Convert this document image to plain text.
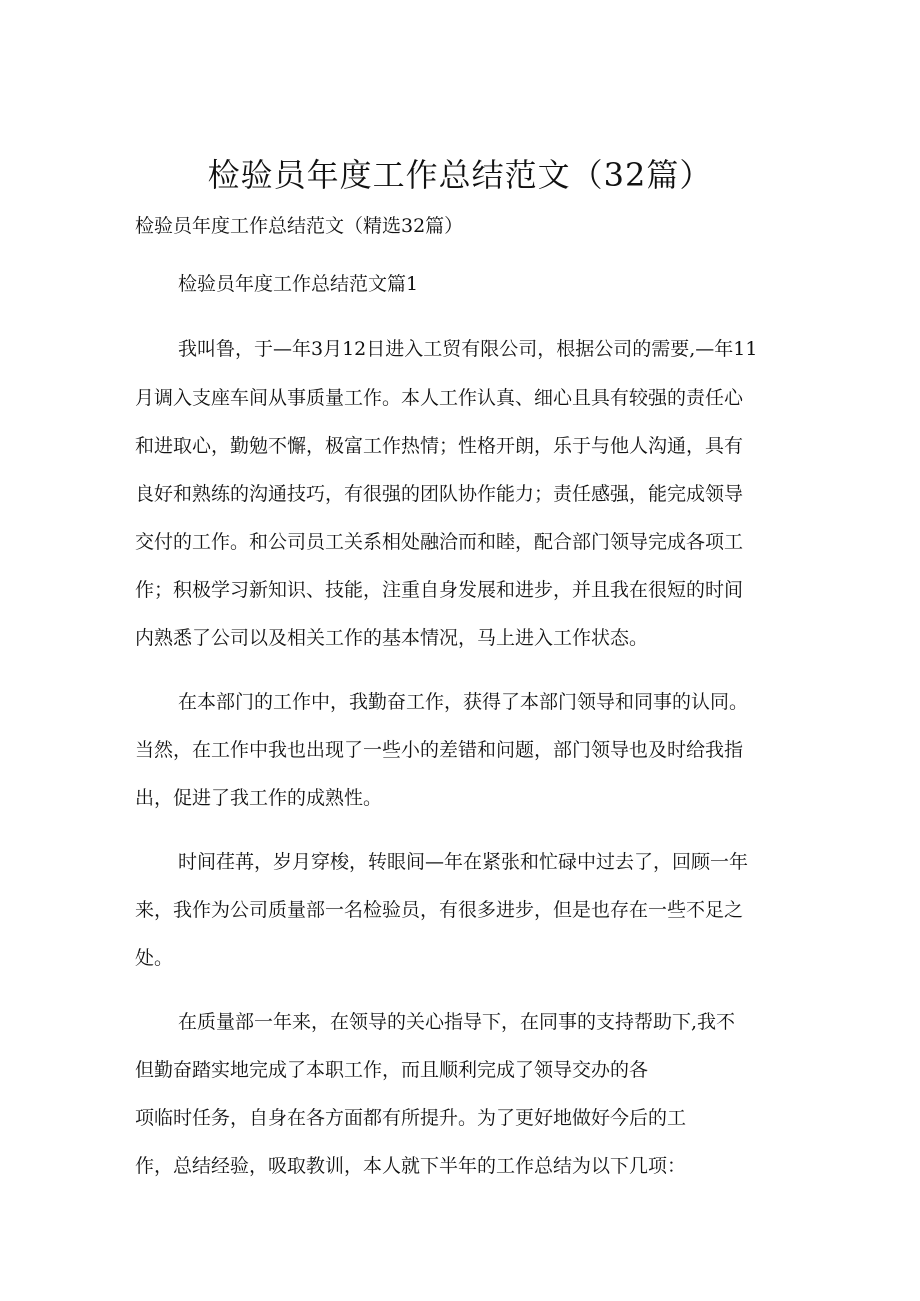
检验员年度工作总结范文（32篇）
检验员年度工作总结范文（精选32篇）
检验员年度工作总结范文篇1
我叫鲁，于—年3月12日进入工贸有限公司，根据公司的需要,—年11
月调入支座车间从事质量工作。本人工作认真、细心且具有较强的责任心
和进取心，勤勉不懈，极富工作热情；性格开朗，乐于与他人沟通，具有
良好和熟练的沟通技巧，有很强的团队协作能力；责任感强，能完成领导
交付的工作。和公司员工关系相处融洽而和睦，配合部门领导完成各项工
作；积极学习新知识、技能，注重自身发展和进步，并且我在很短的时间
内熟悉了公司以及相关工作的基本情况，马上进入工作状态。
在本部门的工作中，我勤奋工作，获得了本部门领导和同事的认同。
当然，在工作中我也出现了一些小的差错和问题，部门领导也及时给我指
出，促进了我工作的成熟性。
时间荏苒，岁月穿梭，转眼间—年在紧张和忙碌中过去了，回顾一年
来，我作为公司质量部一名检验员，有很多进步，但是也存在一些不足之
处。
在质量部一年来，在领导的关心指导下，在同事的支持帮助下,我不
但勤奋踏实地完成了本职工作，而且顺利完成了领导交办的各
项临时任务，自身在各方面都有所提升。为了更好地做好今后的工
作，总结经验，吸取教训，本人就下半年的工作总结为以下几项：
